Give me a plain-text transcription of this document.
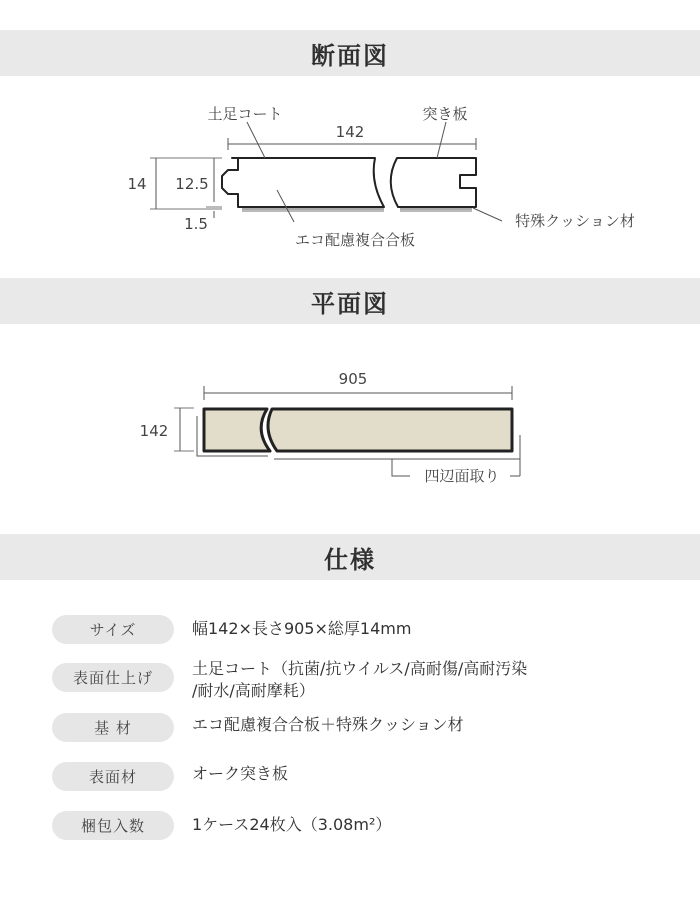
断面図
142
14 12.5
1.5
土足コート	突き板
エコ配慮複合合板
特殊クッション材
平面図
905
142
四辺面取り
仕様
サイズ	幅142×長さ905×総厚14mm
表面仕上げ	土足コート（抗菌/抗ウイルス/高耐傷/高耐汚染
/耐水/高耐摩耗）
基 材	エコ配慮複合合板＋特殊クッション材
表面材	オーク突き板
梱包入数	1ケース24枚入（3.08m²）
